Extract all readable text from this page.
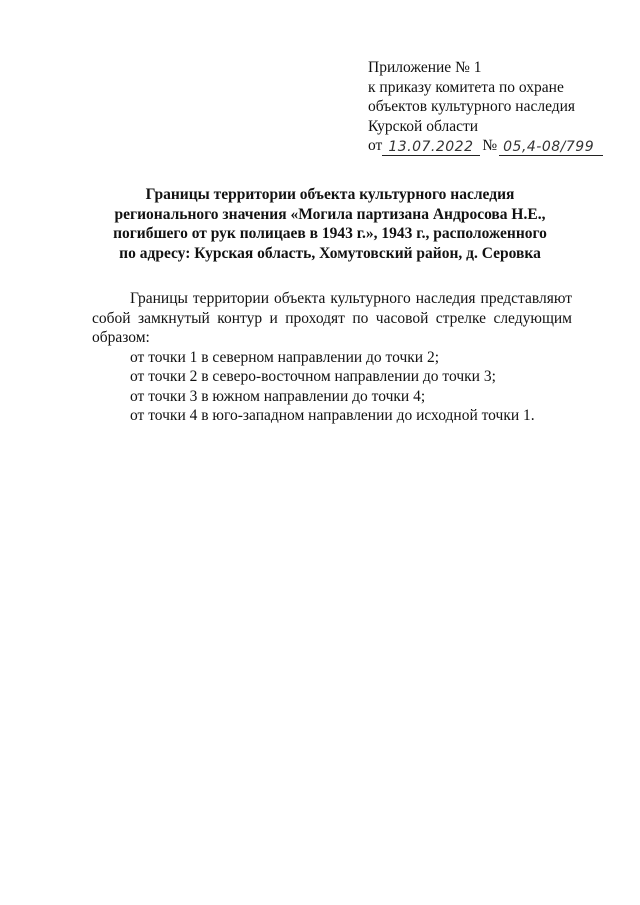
Приложение № 1
к приказу комитета по охране
объектов культурного наследия
Курской области
от 13.07.2022 № 05,4-08/799
Границы территории объекта культурного наследия
регионального значения «Могила партизана Андросова Н.Е.,
погибшего от рук полицаев в 1943 г.», 1943 г., расположенного
по адресу: Курская область, Хомутовский район, д. Серовка

Границы территории объекта культурного наследия представляют собой замкнутый контур и проходят по часовой стрелке следующим образом:

от точки 1 в северном направлении до точки 2;

от точки 2 в северо-восточном направлении до точки 3;

от точки 3 в южном направлении до точки 4;

от точки 4 в юго-западном направлении до исходной точки 1.
